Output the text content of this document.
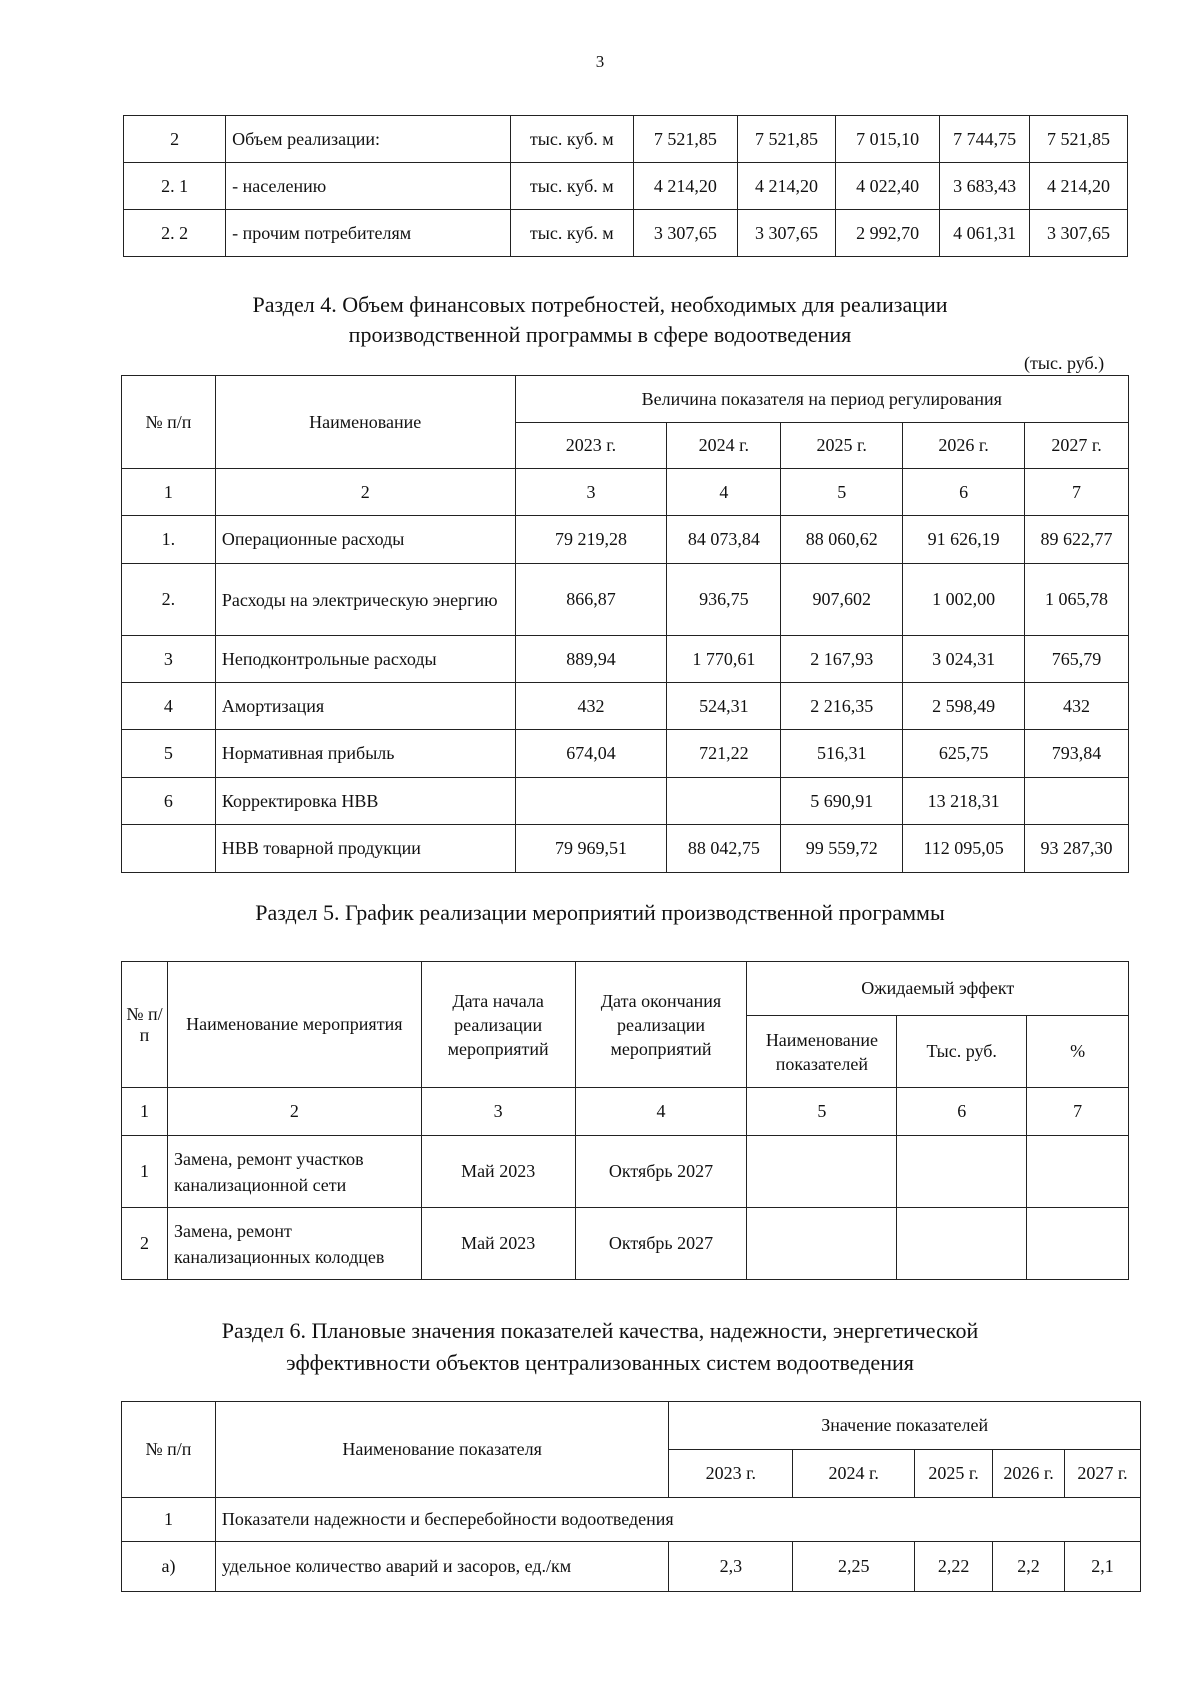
3
2	Объем реализации:	тыс. куб. м	7 521,85	7 521,85	7 015,10	7 744,75	7 521,85
2. 1	- населению	тыс. куб. м	4 214,20	4 214,20	4 022,40	3 683,43	4 214,20
2. 2	- прочим потребителям	тыс. куб. м	3 307,65	3 307,65	2 992,70	4 061,31	3 307,65
Раздел 4. Объем финансовых потребностей, необходимых для реализации
производственной программы в сфере водоотведения
(тыс. руб.)
№ п/п	Наименование	Величина показателя на период регулирования				
		2023 г.	2024 г.	2025 г.	2026 г.	2027 г.
1	2	3	4	5	6	7
1.	Операционные расходы	79 219,28	84 073,84	88 060,62	91 626,19	89 622,77
2.	Расходы на электрическую энергию	866,87	936,75	907,602	1 002,00	1 065,78
3	Неподконтрольные расходы	889,94	1 770,61	2 167,93	3 024,31	765,79
4	Амортизация	432	524,31	2 216,35	2 598,49	432
5	Нормативная прибыль	674,04	721,22	516,31	625,75	793,84
6	Корректировка НВВ			5 690,91	13 218,31	
	НВВ товарной продукции	79 969,51	88 042,75	99 559,72	112 095,05	93 287,30
Раздел 5. График реализации мероприятий производственной программы
№ п/п	Наименование мероприятия	Дата начала реализации мероприятий	Дата окончания реализации мероприятий	Ожидаемый эффект		
				Наименование показателей	Тыс. руб.	%
1	2	3	4	5	6	7
1	Замена, ремонт участков канализационной сети	Май 2023	Октябрь 2027			
2	Замена, ремонт канализационных колодцев	Май 2023	Октябрь 2027			
Раздел 6. Плановые значения показателей качества, надежности, энергетической
эффективности объектов централизованных систем водоотведения
№ п/п	Наименование показателя	Значение показателей				
		2023 г.	2024 г.	2025 г.	2026 г.	2027 г.
1	Показатели надежности и бесперебойности водоотведения					
а)	удельное количество аварий и засоров, ед./км	2,3	2,25	2,22	2,2	2,1
